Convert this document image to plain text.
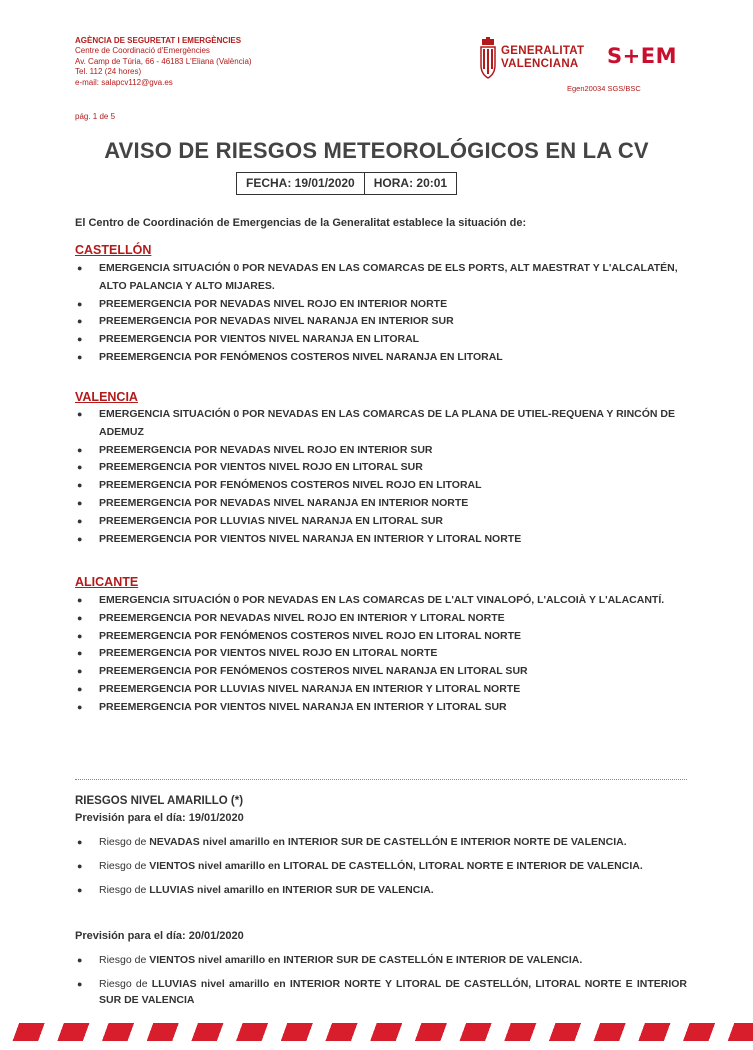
AGÈNCIA DE SEGURETAT I EMERGÈNCIES
Centre de Coordinació d'Emergències
Av. Camp de Túria, 66 - 46183 L'Eliana (València)
Tel. 112 (24 hores)
e-mail: salapcv112@gva.es
GENERALITAT
VALENCIANA S+EM
Egen20034 SGS/BSC
pág. 1 de 5
AVISO DE RIESGOS METEOROLÓGICOS EN LA CV
FECHA: 19/01/2020	HORA: 20:01
El Centro de Coordinación de Emergencias de la Generalitat establece la situación de:
CASTELLÓN
● EMERGENCIA SITUACIÓN 0 POR NEVADAS EN LAS COMARCAS DE ELS PORTS, ALT MAESTRAT Y L'ALCALATÉN, ALTO PALANCIA Y ALTO MIJARES.
● PREEMERGENCIA POR NEVADAS NIVEL ROJO EN INTERIOR NORTE
● PREEMERGENCIA POR NEVADAS NIVEL NARANJA EN INTERIOR SUR
● PREEMERGENCIA POR VIENTOS NIVEL NARANJA EN LITORAL
● PREEMERGENCIA POR FENÓMENOS COSTEROS NIVEL NARANJA EN LITORAL
VALENCIA
● EMERGENCIA SITUACIÓN 0 POR NEVADAS EN LAS COMARCAS DE LA PLANA DE UTIEL-REQUENA Y RINCÓN DE ADEMUZ
● PREEMERGENCIA POR NEVADAS NIVEL ROJO EN INTERIOR SUR
● PREEMERGENCIA POR VIENTOS NIVEL ROJO EN LITORAL SUR
● PREEMERGENCIA POR FENÓMENOS COSTEROS NIVEL ROJO EN LITORAL
● PREEMERGENCIA POR NEVADAS NIVEL NARANJA EN INTERIOR NORTE
● PREEMERGENCIA POR LLUVIAS NIVEL NARANJA EN LITORAL SUR
● PREEMERGENCIA POR VIENTOS NIVEL NARANJA EN INTERIOR Y LITORAL NORTE
ALICANTE
● EMERGENCIA SITUACIÓN 0 POR NEVADAS EN LAS COMARCAS DE L'ALT VINALOPÓ, L'ALCOIÀ Y L'ALACANTÍ.
● PREEMERGENCIA POR NEVADAS NIVEL ROJO EN INTERIOR Y LITORAL NORTE
● PREEMERGENCIA POR FENÓMENOS COSTEROS NIVEL ROJO EN LITORAL NORTE
● PREEMERGENCIA POR VIENTOS NIVEL ROJO EN LITORAL NORTE
● PREEMERGENCIA POR FENÓMENOS COSTEROS NIVEL NARANJA EN LITORAL SUR
● PREEMERGENCIA POR LLUVIAS NIVEL NARANJA EN INTERIOR Y LITORAL NORTE
● PREEMERGENCIA POR VIENTOS NIVEL NARANJA EN INTERIOR Y LITORAL SUR
RIESGOS NIVEL AMARILLO (*)
Previsión para el día: 19/01/2020
● Riesgo de NEVADAS nivel amarillo en INTERIOR SUR DE CASTELLÓN E INTERIOR NORTE DE VALENCIA.
● Riesgo de VIENTOS nivel amarillo en LITORAL DE CASTELLÓN, LITORAL NORTE E INTERIOR DE VALENCIA.
● Riesgo de LLUVIAS nivel amarillo en INTERIOR SUR DE VALENCIA.
Previsión para el día: 20/01/2020
● Riesgo de VIENTOS nivel amarillo en INTERIOR SUR DE CASTELLÓN E INTERIOR DE VALENCIA.
● Riesgo de LLUVIAS nivel amarillo en INTERIOR NORTE Y LITORAL DE CASTELLÓN, LITORAL NORTE E INTERIOR SUR DE VALENCIA
